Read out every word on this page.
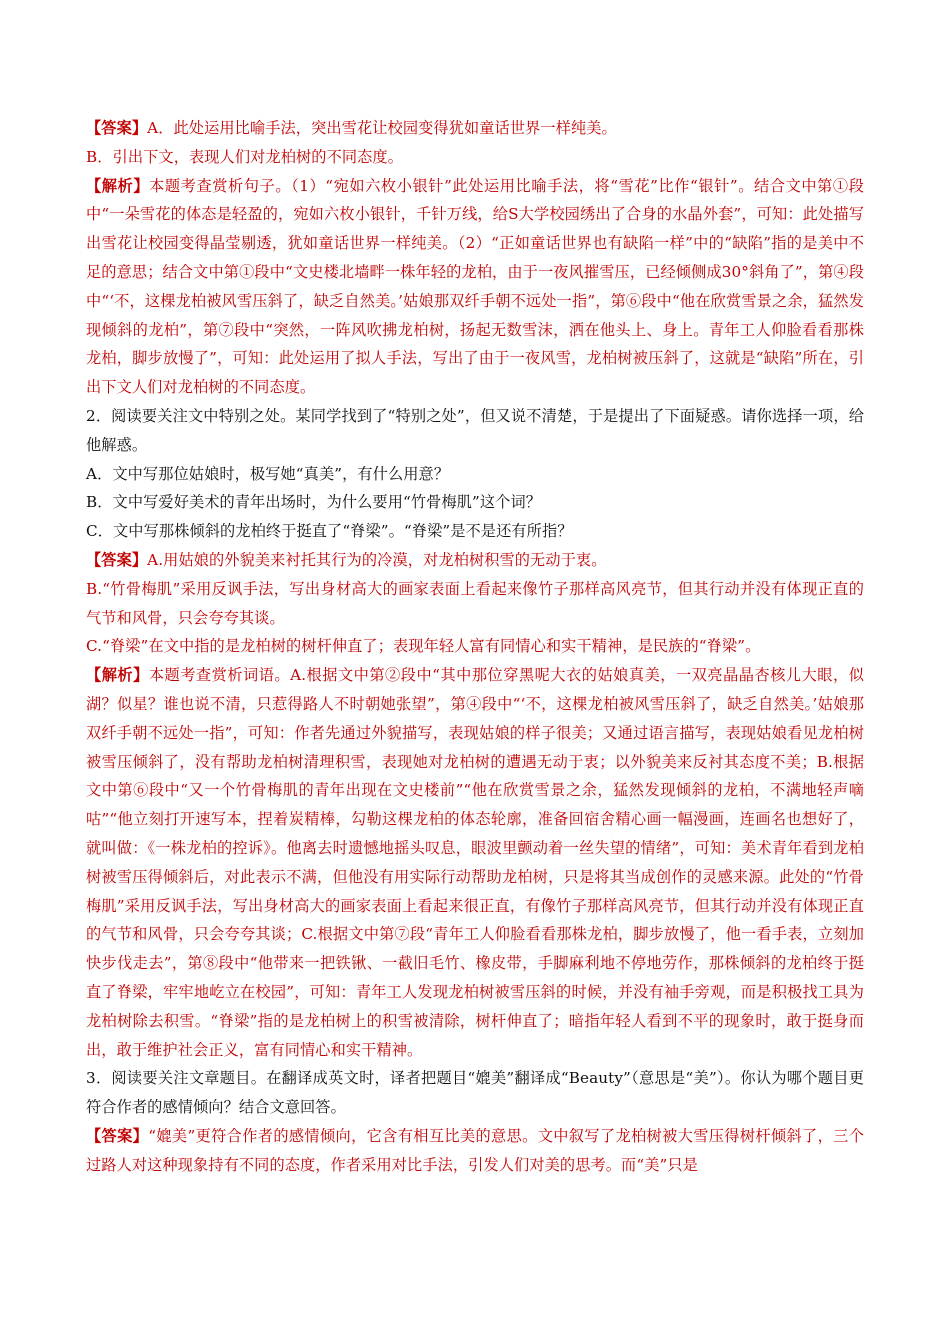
【答案】A．此处运用比喻手法，突出雪花让校园变得犹如童话世界一样纯美。

B．引出下文，表现人们对龙柏树的不同态度。

【解析】本题考查赏析句子。（1）“宛如六枚小银针”此处运用比喻手法，将“雪花”比作“银针”。结合文中第①段中“一朵雪花的体态是轻盈的，宛如六枚小银针，千针万线，给S大学校园绣出了合身的水晶外套”，可知：此处描写出雪花让校园变得晶莹剔透，犹如童话世界一样纯美。（2）“正如童话世界也有缺陷一样”中的“缺陷”指的是美中不足的意思；结合文中第①段中“文史楼北墙畔一株年轻的龙柏，由于一夜风摧雪压，已经倾侧成30°斜角了”，第④段中“‘不，这棵龙柏被风雪压斜了，缺乏自然美。’姑娘那双纤手朝不远处一指”，第⑥段中“他在欣赏雪景之余，猛然发现倾斜的龙柏”，第⑦段中“突然，一阵风吹拂龙柏树，扬起无数雪沫，洒在他头上、身上。青年工人仰脸看看那株龙柏，脚步放慢了”，可知：此处运用了拟人手法，写出了由于一夜风雪，龙柏树被压斜了，这就是“缺陷”所在，引出下文人们对龙柏树的不同态度。

2．阅读要关注文中特别之处。某同学找到了“特别之处”，但又说不清楚，于是提出了下面疑惑。请你选择一项，给他解惑。

A．文中写那位姑娘时，极写她“真美”，有什么用意？

B．文中写爱好美术的青年出场时，为什么要用“竹骨梅肌”这个词？

C．文中写那株倾斜的龙柏终于挺直了“脊梁”。“脊梁”是不是还有所指？

【答案】A.用姑娘的外貌美来衬托其行为的冷漠，对龙柏树积雪的无动于衷。

B.“竹骨梅肌”采用反讽手法，写出身材高大的画家表面上看起来像竹子那样高风亮节，但其行动并没有体现正直的气节和风骨，只会夸夸其谈。

C.“脊梁”在文中指的是龙柏树的树杆伸直了；表现年轻人富有同情心和实干精神，是民族的“脊梁”。

【解析】本题考查赏析词语。A.根据文中第②段中“其中那位穿黑呢大衣的姑娘真美，一双亮晶晶杏核儿大眼，似湖？似星？谁也说不清，只惹得路人不时朝她张望”，第④段中“‘不，这棵龙柏被风雪压斜了，缺乏自然美。’姑娘那双纤手朝不远处一指”，可知：作者先通过外貌描写，表现姑娘的样子很美；又通过语言描写，表现姑娘看见龙柏树被雪压倾斜了，没有帮助龙柏树清理积雪，表现她对龙柏树的遭遇无动于衷；以外貌美来反衬其态度不美；B.根据文中第⑥段中“又一个竹骨梅肌的青年出现在文史楼前”“他在欣赏雪景之余，猛然发现倾斜的龙柏，不满地轻声嘀咕”“他立刻打开速写本，捏着炭精棒，勾勒这棵龙柏的体态轮廓，准备回宿舍精心画一幅漫画，连画名也想好了，就叫做：《一株龙柏的控诉》。他离去时遗憾地摇头叹息，眼波里颤动着一丝失望的情绪”，可知：美术青年看到龙柏树被雪压得倾斜后，对此表示不满，但他没有用实际行动帮助龙柏树，只是将其当成创作的灵感来源。此处的“竹骨梅肌”采用反讽手法，写出身材高大的画家表面上看起来很正直，有像竹子那样高风亮节，但其行动并没有体现正直的气节和风骨，只会夸夸其谈；C.根据文中第⑦段“青年工人仰脸看看那株龙柏，脚步放慢了，他一看手表，立刻加快步伐走去”，第⑧段中“他带来一把铁锹、一截旧毛竹、橡皮带，手脚麻利地不停地劳作，那株倾斜的龙柏终于挺直了脊梁，牢牢地屹立在校园”，可知：青年工人发现龙柏树被雪压斜的时候，并没有袖手旁观，而是积极找工具为龙柏树除去积雪。“脊梁”指的是龙柏树上的积雪被清除，树杆伸直了；暗指年轻人看到不平的现象时，敢于挺身而出，敢于维护社会正义，富有同情心和实干精神。

3．阅读要关注文章题目。在翻译成英文时，译者把题目“媲美”翻译成“Beauty”（意思是“美”）。你认为哪个题目更符合作者的感情倾向？结合文意回答。

【答案】“媲美”更符合作者的感情倾向，它含有相互比美的意思。文中叙写了龙柏树被大雪压得树杆倾斜了，三个过路人对这种现象持有不同的态度，作者采用对比手法，引发人们对美的思考。而“美”只是
